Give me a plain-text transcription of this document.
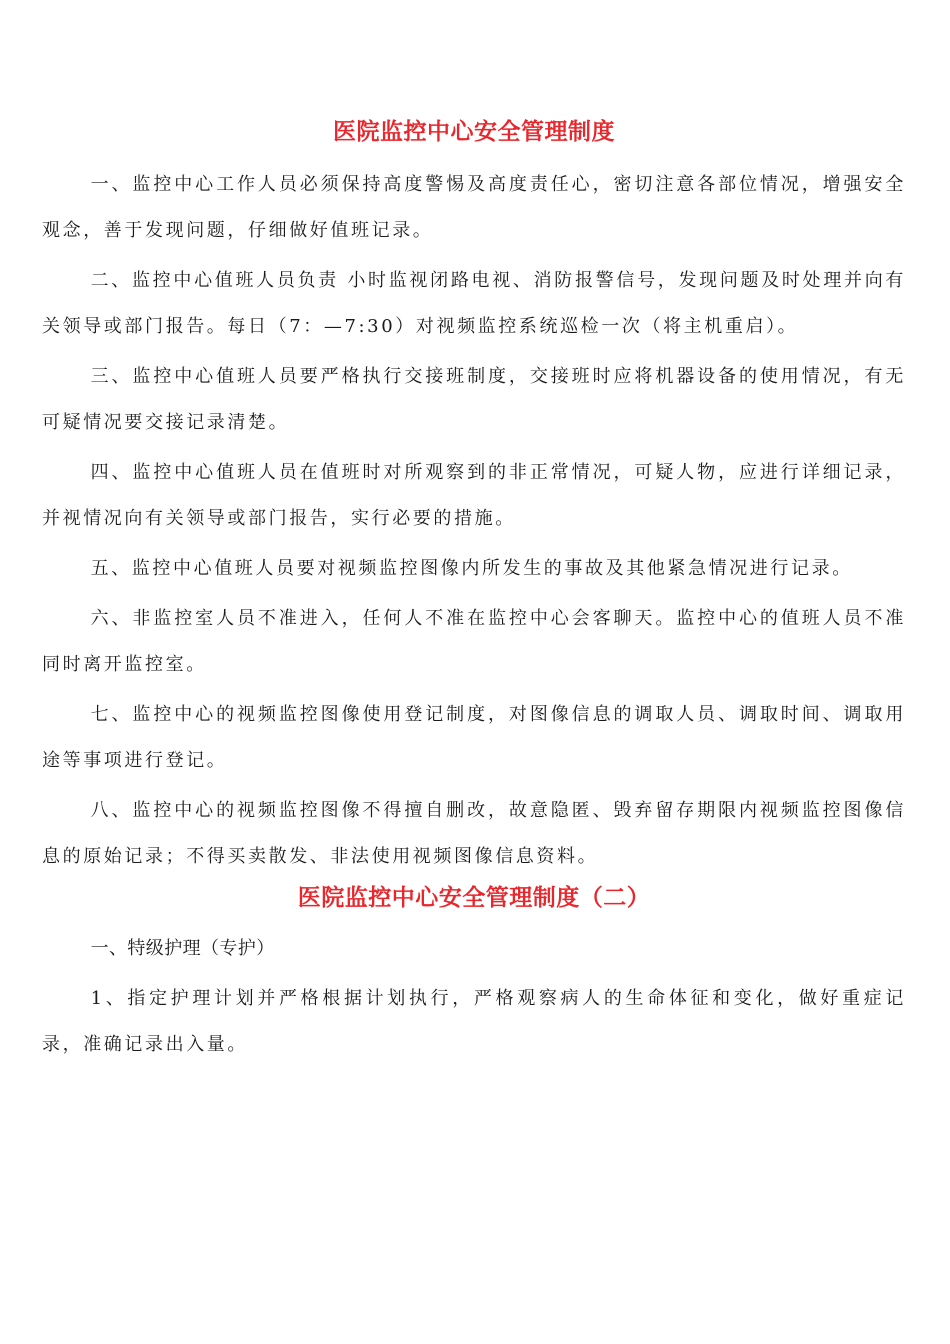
医院监控中心安全管理制度

一、监控中心工作人员必须保持高度警惕及高度责任心，密切注意各部位情况，增强安全观念，善于发现问题，仔细做好值班记录。

二、监控中心值班人员负责 小时监视闭路电视、消防报警信号，发现问题及时处理并向有关领导或部门报告。每日（7：—7:30）对视频监控系统巡检一次（将主机重启）。

三、监控中心值班人员要严格执行交接班制度，交接班时应将机器设备的使用情况，有无可疑情况要交接记录清楚。

四、监控中心值班人员在值班时对所观察到的非正常情况，可疑人物，应进行详细记录，并视情况向有关领导或部门报告，实行必要的措施。

五、监控中心值班人员要对视频监控图像内所发生的事故及其他紧急情况进行记录。

六、非监控室人员不准进入，任何人不准在监控中心会客聊天。监控中心的值班人员不准同时离开监控室。

七、监控中心的视频监控图像使用登记制度，对图像信息的调取人员、调取时间、调取用途等事项进行登记。

八、监控中心的视频监控图像不得擅自删改，故意隐匿、毁弃留存期限内视频监控图像信息的原始记录；不得买卖散发、非法使用视频图像信息资料。

医院监控中心安全管理制度（二）

一、特级护理（专护）

1、指定护理计划并严格根据计划执行，严格观察病人的生命体征和变化，做好重症记录，准确记录出入量。
